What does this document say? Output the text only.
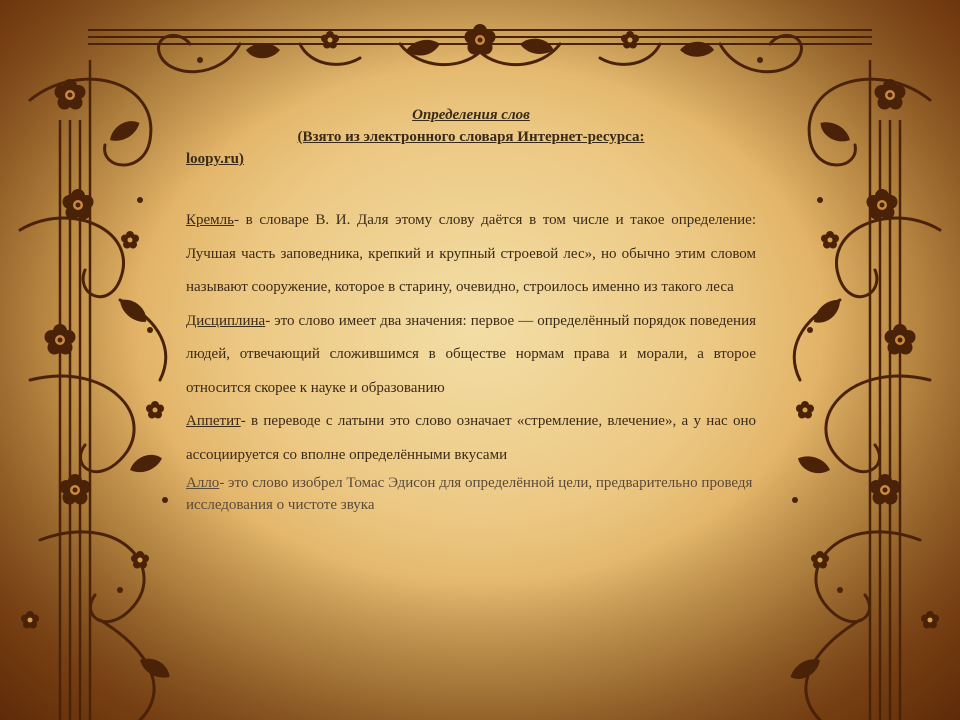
Определения слов

(Взято из электронного словаря Интернет-ресурса:

loopy.ru)

Кремль- в словаре В. И. Даля этому слову даётся в том числе и такое определение: Лучшая часть заповедника, крепкий и крупный строевой лес», но обычно этим словом называют сооружение, которое в старину, очевидно, строилось именно из такого леса

Дисциплина- это слово имеет два значения: первое — определённый порядок поведения людей, отвечающий сложившимся в обществе нормам права и морали, а второе относится скорее к науке и образованию

Аппетит- в переводе с латыни это слово означает «стремление, влечение», а у нас оно ассоциируется со вполне определёнными вкусами

Алло- это слово изобрел Томас Эдисон для определённой цели, предварительно проведя исследования о чистоте звука
